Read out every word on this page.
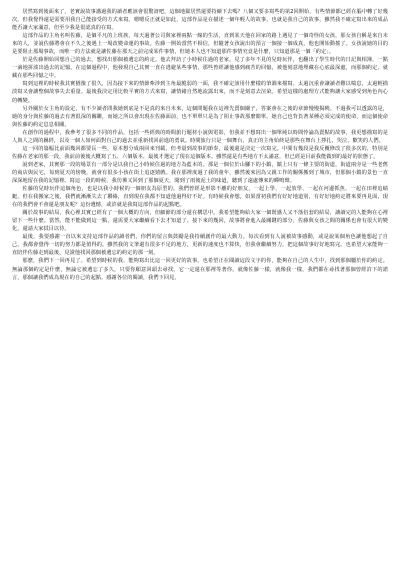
居然寫到後面來了，老實說故事講過我的讀者應該會很驚訝吧，這個地獄居然還要持續下去嗎？八個又要多寫些的第2回開始，有些情節都已經在腦中轉了好幾次，但我覺得還是需要用我自己能接受的方式來寫。嗯嗯反正就是如此，這部作品是在描述一個年輕人的故事，也就是我自己的故事，雖然我不確定寫出來的成品能否讓大家滿意，但至少我是很認真的在寫。

這部作品的主角名叫佐藤，是個平凡的上班族，每天過著公司與家裡兩點一線的生活，直到某天他在回家的路上遇見了一個奇怪的女孩，那女孩自稱是來自未來的人，並說佐藤將會在不久之後遇上一場改變命運的事故。佐藤一開始當然不相信，但隨著女孩說出的預言一個接一個成真，他也開始動搖了。女孩說她的目的是要阻止那場事故，而唯一的方法就是讓佐藤在那天之前完成某件事情，但她本人也不知道那件事情究竟是什麼，只知道那是一個「約定」。

於是佐藤開始回想自己的過去，想找出那個被遺忘的約定。他去拜訪了小時候住過的老家，見了多年不見的兒時玩伴，也翻出了學生時代的日記與相簿，一點一滴地拼湊出過去的記憶。在這個過程中，他發現自己其實一直在逃避某些事情，那些曾經讓他感到痛苦的回憶，被他刻意地埋藏在心底最深處，而那個約定，就藏在那些回憶之中。

寫到這裡的時候我其實猶豫了很久，因為接下來的情節牽涉到主角最脆弱的一面，我不確定該用什麼樣的筆調來描寫。太過沉重會讓讀者難以喘息，太過輕描淡寫又會讓整個故事失去重量。最後我決定用比較平實的方式來寫，讓情緒自然地流露出來，而不是刻意去渲染。希望這樣的處理方式能夠讓大家感受到角色內心的轉變。

另外關於女主角的設定，有不少讀者問我她到底是不是真的來自未來，這個問題我在這裡先賣個關子，答案會在之後的章節慢慢揭曉。不過我可以透露的是，她的身分與佐藤的過去有著很深的關聯，而她之所以會出現在佐藤面前，也不單單只是為了阻止事故那麼簡單。她自己也背負著某種必須完成的使命，而這個使命與佐藤的約定息息相關。

在創作的過程中，我參考了很多不同的作品，包括一些經典的時間旅行題材小說與電影，但我並不想寫出一個單純以時間悖論為賣點的故事，我更想描寫的是人與人之間的羈絆，以及一個人如何面對自己的過去並重新找回前進的勇氣。時間旅行只是一個舞台，真正的主角始終是那些在舞台上掙扎、哭泣、歡笑的人們。

這一回的篇幅比前面幾回都要長一些，原本想分成兩回來刊載，但考量到故事的節奏，最後還是決定一次寫完。中間有幾段是我反覆修改了很多次的，特別是佐藤在老家的那一段，我前前後後大概寫了五、六個版本，最後才選定了現在這個版本。雖然還是有些地方不太滿意，但已經是目前我能做到的最好的狀態了。

說到老家，其實那一段的場景有一部分是以我自己小時候住過的地方為藍本的。那是一個位於山腳下的小鎮，鎮上只有一條主要的街道，街道兩旁是一些老舊的商店與民宅，每到夏天的傍晚，就會有很多小孩在街上追逐嬉戲。我在那裡度過了我的童年，雖然後來因為父親工作的關係搬到了城市，但那個小鎮的景色一直深深地留在我的記憶裡。寫這一段的時候，我彷彿又回到了那個夏天，聞到了雨後泥土的味道，聽到了遠處傳來的蟬鳴聲。

佐藤的兒時玩伴這個角色，也是以我小時候的一個朋友為原型的。我們曾經是形影不離的好朋友，一起上學、一起放學、一起在河邊抓魚、一起在田裡追蜻蜓。但在我搬家之後，我們就漸漸失去了聯絡，直到現在我都不知道他過得好不好。有時候我會想，如果當初我們有好好地道別，有好好地約定將來要再見面，現在的我們會不會還是朋友呢？這份遺憾，或許就是我寫這部作品的起點吧。

關於故事的結局，我心裡其實已經有了一個大概的方向，但細節的部分還在構思中。我希望能夠給大家一個既感人又不落俗套的結局，讓讀完的人能夠在心裡留下一些什麼。當然，能不能做到這一點，還需要大家繼續看下去才知道了。接下來的幾回，故事將會進入最關鍵的部分，佐藤與女孩之間的關係也會有很大的變化，還請大家拭目以待。

最後，我要感謝一直以來支持這部作品的讀者們，你們的留言與鼓勵是我持續創作的最大動力。每次看到有人說被故事感動，或是說某個角色讓他想起了自己，我都會覺得一切的努力都是值得的。雖然我的文筆還有很多不足的地方，更新的速度也不算快，但我會繼續努力，把這個故事好好地寫完。也希望大家能夠一直陪伴佐藤走到最後，見證他找回那個被遺忘的約定的那一刻。

那麼，我們下一回再見了。希望到時候的我，能夠寫出比這一回更好的故事。也希望正在閱讀這段文字的你，能夠在自己的人生中，找到那個屬於你的約定。無論那個約定是什麼，無論它被遺忘了多久，只要你願意回頭去尋找，它一定還在那裡等著你。就像佐藤一樣，就像我一樣，我們都在尋找著那個曾經許下的諾言，那個讓我們成為現在的自己的起點。感謝各位的閱讀，我們下回見。
